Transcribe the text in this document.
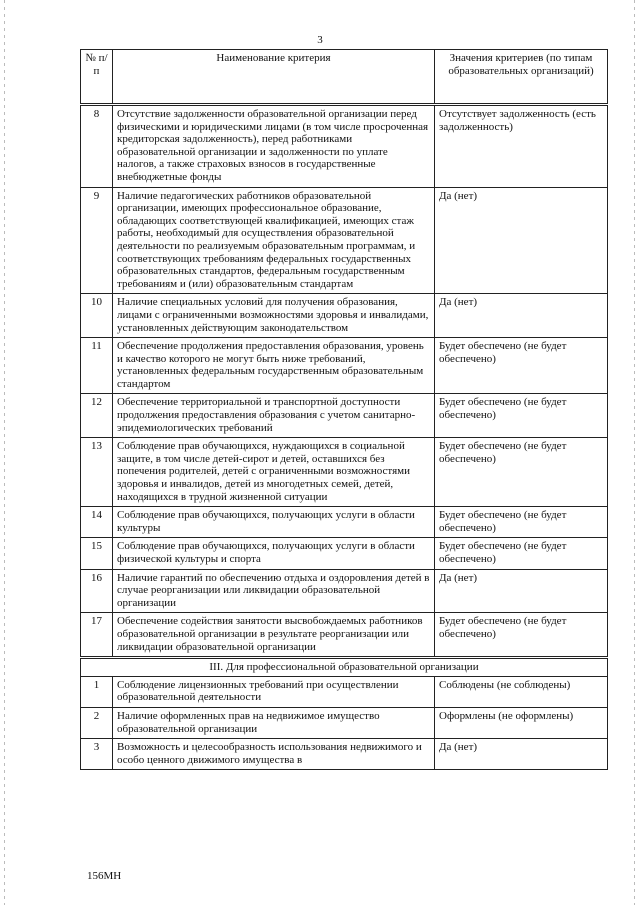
3
№ п/п	Наименование критерия	Значения критериев (по типам образовательных организаций)
8	Отсутствие задолженности образовательной организации перед физическими и юридическими лицами (в том числе просроченная кредиторская задолженность), перед работниками образовательной организации и задолженности по уплате налогов, а также страховых взносов в государственные внебюджетные фонды	Отсутствует задолженность (есть задолженность)
9	Наличие педагогических работников образовательной организации, имеющих профессиональное образование, обладающих соответствующей квалификацией, имеющих стаж работы, необходимый для осуществления образовательной деятельности по реализуемым образовательным программам, и соответствующих требованиям федеральных государственных образовательных стандартов, федеральным государственным требованиям и (или) образовательным стандартам	Да (нет)
10	Наличие специальных условий для получения образования, лицами с ограниченными возможностями здоровья и инвалидами, установленных действующим законодательством	Да (нет)
11	Обеспечение продолжения предоставления образования, уровень и качество которого не могут быть ниже требований, установленных федеральным государственным образовательным стандартом	Будет обеспечено (не будет обеспечено)
12	Обеспечение территориальной и транспортной доступности продолжения предоставления образования с учетом санитарно-эпидемиологических требований	Будет обеспечено (не будет обеспечено)
13	Соблюдение прав обучающихся, нуждающихся в социальной защите, в том числе детей-сирот и детей, оставшихся без попечения родителей, детей с ограниченными возможностями здоровья и инвалидов, детей из многодетных семей, детей, находящихся в трудной жизненной ситуации	Будет обеспечено (не будет обеспечено)
14	Соблюдение прав обучающихся, получающих услуги в области культуры	Будет обеспечено (не будет обеспечено)
15	Соблюдение прав обучающихся, получающих услуги в области физической культуры и спорта	Будет обеспечено (не будет обеспечено)
16	Наличие гарантий по обеспечению отдыха и оздоровления детей в случае реорганизации или ликвидации образовательной организации	Да (нет)
17	Обеспечение содействия занятости высвобождаемых работников образовательной организации в результате реорганизации или ликвидации образовательной организации	Будет обеспечено (не будет обеспечено)
III. Для профессиональной образовательной организации		
1	Соблюдение лицензионных требований при осуществлении образовательной деятельности	Соблюдены (не соблюдены)
2	Наличие оформленных прав на недвижимое имущество образовательной организации	Оформлены (не оформлены)
3	Возможность и целесообразность использования недвижимого и особо ценного движимого имущества в	Да (нет)
156МН
